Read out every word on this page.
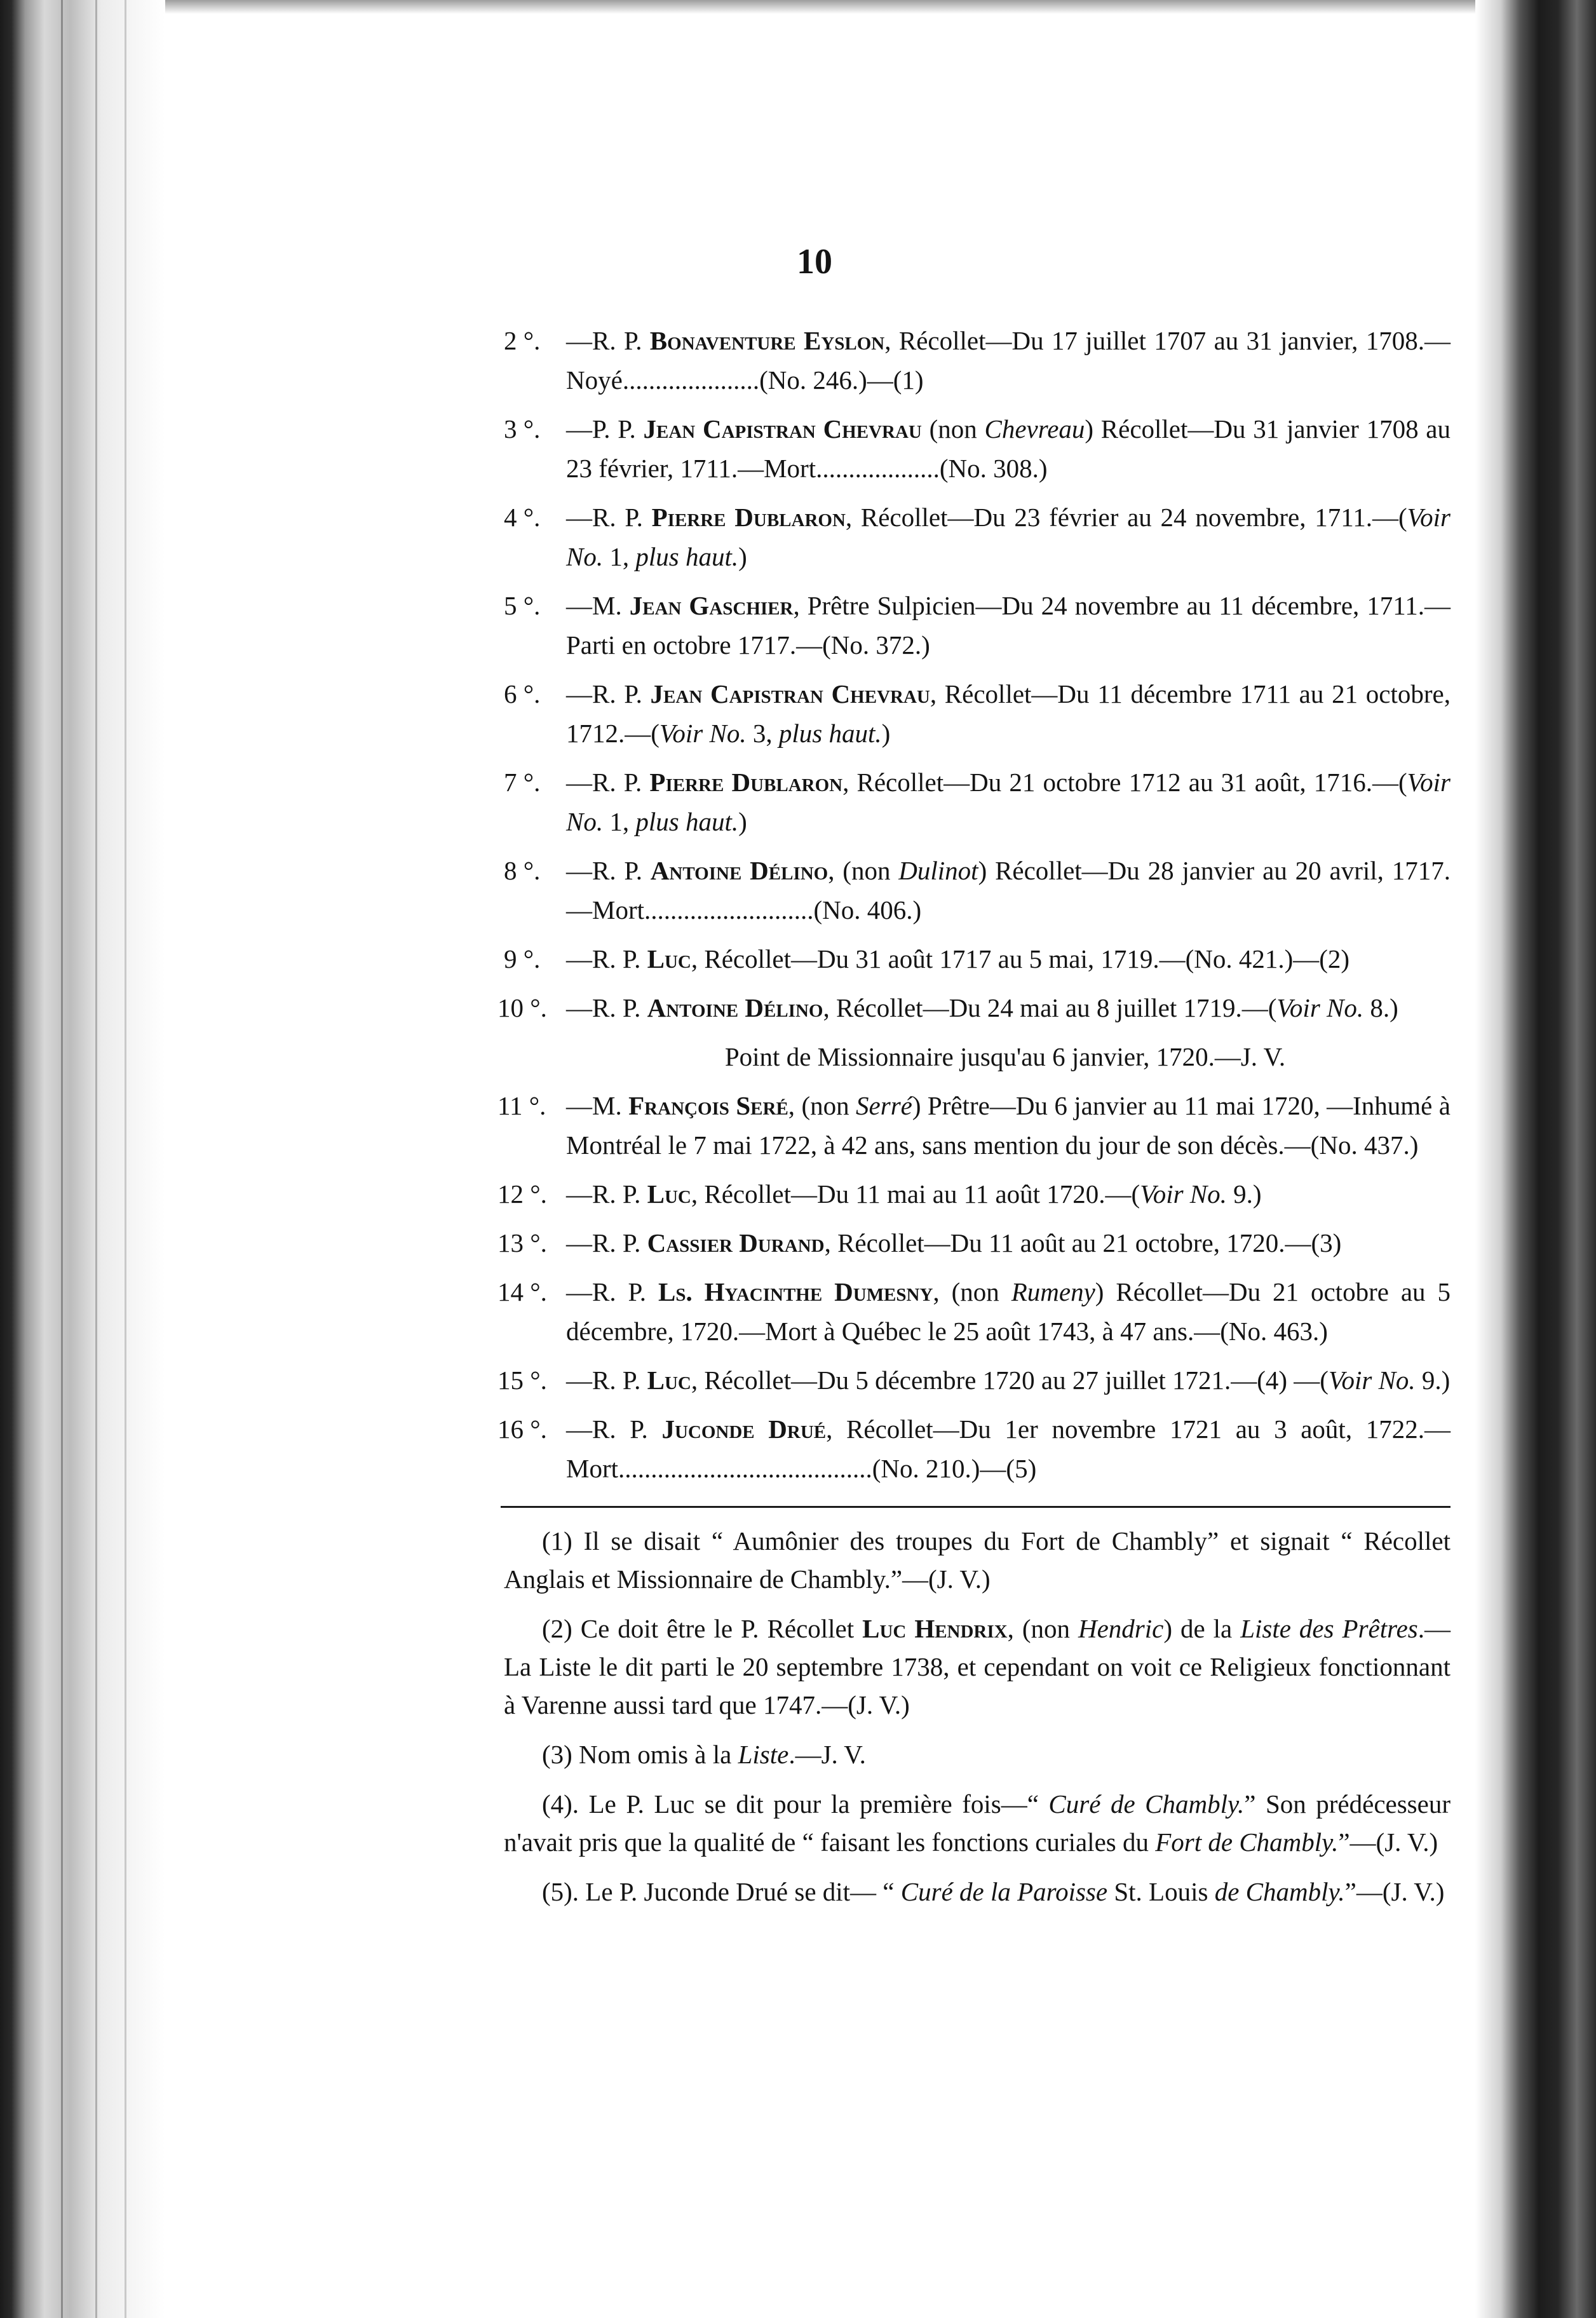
10
2 °. —R. P. Bonaventure Eyslon, Récollet—Du 17 juillet 1707 au 31 janvier, 1708.—Noyé.....................(No. 246.)—(1)
3 °. —P. P. Jean Capistran Chevrau (non Chevreau) Récollet—Du 31 janvier 1708 au 23 février, 1711.—Mort...................(No. 308.)
4 °. —R. P. Pierre Dublaron, Récollet—Du 23 février au 24 novembre, 1711.—(Voir No. 1, plus haut.)
5 °. —M. Jean Gaschier, Prêtre Sulpicien—Du 24 novembre au 11 décembre, 1711.—Parti en octobre 1717.—(No. 372.)
6 °. —R. P. Jean Capistran Chevrau, Récollet—Du 11 décembre 1711 au 21 octobre, 1712.—(Voir No. 3, plus haut.)
7 °. —R. P. Pierre Dublaron, Récollet—Du 21 octobre 1712 au 31 août, 1716.—(Voir No. 1, plus haut.)
8 °. —R. P. Antoine Délino, (non Dulinot) Récollet—Du 28 janvier au 20 avril, 1717.—Mort..........................(No. 406.)
9 °. —R. P. Luc, Récollet—Du 31 août 1717 au 5 mai, 1719.—(No. 421.)—(2)
10 °. —R. P. Antoine Délino, Récollet—Du 24 mai au 8 juillet 1719.—(Voir No. 8.)
Point de Missionnaire jusqu'au 6 janvier, 1720.—J. V.
11 °. —M. François Seré, (non Serré) Prêtre—Du 6 janvier au 11 mai 1720, —Inhumé à Montréal le 7 mai 1722, à 42 ans, sans mention du jour de son décès.—(No. 437.)
12 °. —R. P. Luc, Récollet—Du 11 mai au 11 août 1720.—(Voir No. 9.)
13 °. —R. P. Cassier Durand, Récollet—Du 11 août au 21 octobre, 1720.—(3)
14 °. —R. P. Ls. Hyacinthe Dumesny, (non Rumeny) Récollet—Du 21 octobre au 5 décembre, 1720.—Mort à Québec le 25 août 1743, à 47 ans.—(No. 463.)
15 °. —R. P. Luc, Récollet—Du 5 décembre 1720 au 27 juillet 1721.—(4) —(Voir No. 9.)
16 °. —R. P. Juconde Drué, Récollet—Du 1er novembre 1721 au 3 août, 1722.—Mort.......................................(No. 210.)—(5)
(1) Il se disait “ Aumônier des troupes du Fort de Chambly” et signait “ Récollet Anglais et Missionnaire de Chambly.”—(J. V.)
(2) Ce doit être le P. Récollet Luc Hendrix, (non Hendric) de la Liste des Prêtres.—La Liste le dit parti le 20 septembre 1738, et cependant on voit ce Religieux fonctionnant à Varenne aussi tard que 1747.—(J. V.)
(3) Nom omis à la Liste.—J. V.
(4). Le P. Luc se dit pour la première fois—“ Curé de Chambly.” Son prédécesseur n'avait pris que la qualité de “ faisant les fonctions curiales du Fort de Chambly.”—(J. V.)
(5). Le P. Juconde Drué se dit— “ Curé de la Paroisse St. Louis de Chambly.”—(J. V.)
